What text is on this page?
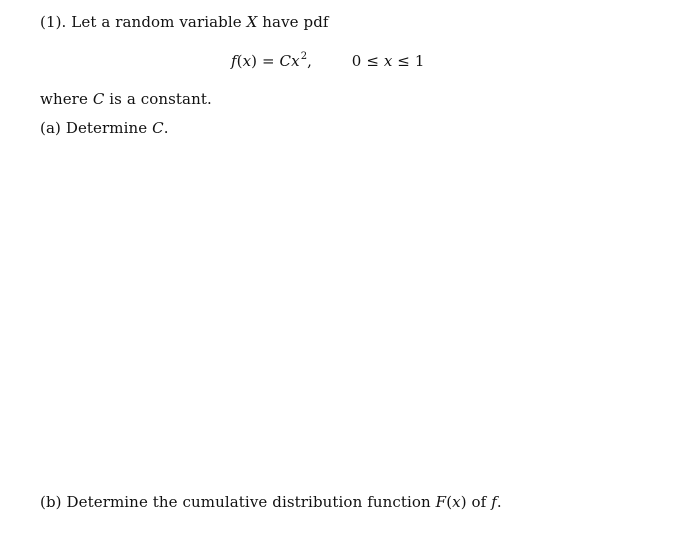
(1). Let a random variable X have pdf
$f(x) = Cx^2$,	0 ≤ x ≤ 1
where C is a constant.
(a) Determine C.
(b) Determine the cumulative distribution function F(x) of f.
